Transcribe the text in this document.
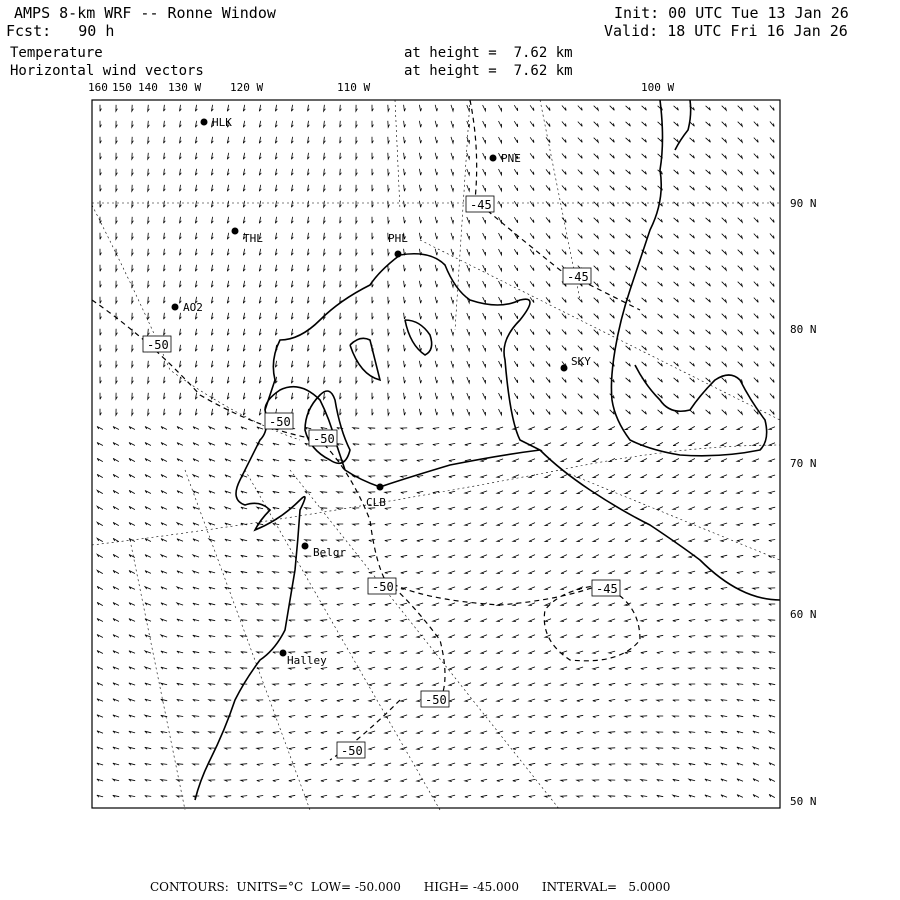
AMPS 8-km WRF -- Ronne Window
Fcst:   90 h
Init: 00 UTC Tue 13 Jan 26
Valid: 18 UTC Fri 16 Jan 26
Temperature
Horizontal wind vectors
at height =  7.62 km
at height =  7.62 km
-45
-45
-50
-50
-50
-50	-45
-50
-50
HLK
PNE
THL	PHL
AO2
SKY
CLB
Belgr
Halley
160 150 140 130 W	120 W	110 W	100 W
90 N
80 N
70 N
60 N
50 N
CONTOURS:  UNITS=°C  LOW= -50.000      HIGH= -45.000      INTERVAL=   5.0000
